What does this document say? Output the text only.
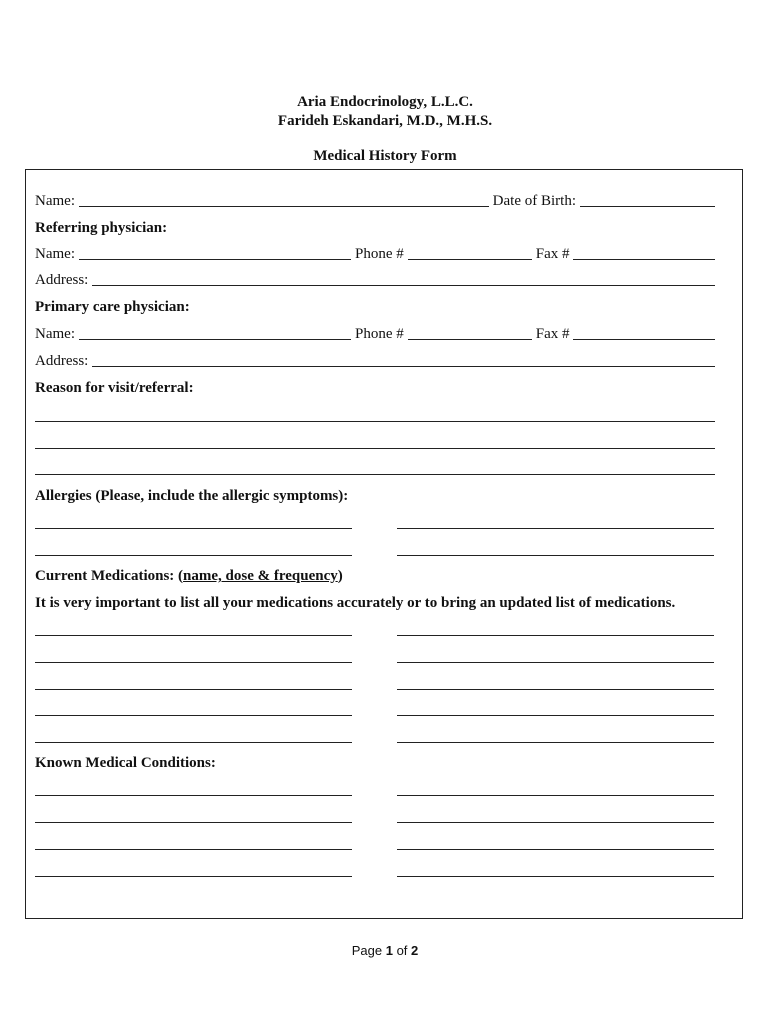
Aria Endocrinology, L.L.C.
Farideh Eskandari, M.D., M.H.S.
Medical History Form
Name:	Date of Birth:
Referring physician:
Name:	Phone #	Fax #
Address:
Primary care physician:
Name:	Phone #	Fax #
Address:
Reason for visit/referral:
Allergies (Please, include the allergic symptoms):
Current Medications: ( name, dose & frequency )
It is very important to list all your medications accurately or to bring an updated list of medications.
Known Medical Conditions:
Page 1 of 2
